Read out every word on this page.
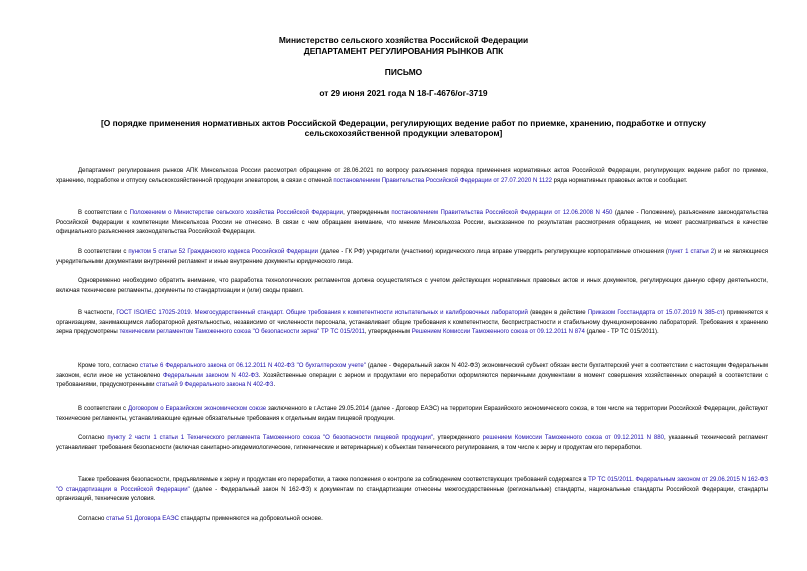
Министерство сельского хозяйства Российской Федерации
ДЕПАРТАМЕНТ РЕГУЛИРОВАНИЯ РЫНКОВ АПК
ПИСЬМО
от 29 июня 2021 года N 18-Г-4676/ог-3719
[О порядке применения нормативных актов Российской Федерации, регулирующих ведение работ по приемке, хранению, подработке и отпуску
сельскохозяйственной продукции элеватором]
Департамент регулирования рынков АПК Минсельхоза России рассмотрел обращение от 28.06.2021 по вопросу разъяснения порядка применения нормативных актов Российской Федерации, регулирующих ведение работ по приемке, хранению, подработке и отпуску сельскохозяйственной продукции элеватором, в связи с отменой постановлением Правительства Российской Федерации от 27.07.2020 N 1122 ряда нормативных правовых актов и сообщает.
В соответствии с Положением о Министерстве сельского хозяйства Российской Федерации, утвержденным постановлением Правительства Российской Федерации от 12.06.2008 N 450 (далее - Положение), разъяснение законодательства Российской Федерации к компетенции Минсельхоза России не отнесено. В связи с чем обращаем внимание, что мнение Минсельхоза России, высказанное по результатам рассмотрения обращения, не может рассматриваться в качестве официального разъяснения законодательства Российской Федерации.
В соответствии с пунктом 5 статьи 52 Гражданского кодекса Российской Федерации (далее - ГК РФ) учредители (участники) юридического лица вправе утвердить регулирующие корпоративные отношения (пункт 1 статьи 2) и не являющиеся учредительными документами внутренний регламент и иные внутренние документы юридического лица.
Одновременно необходимо обратить внимание, что разработка технологических регламентов должна осуществляться с учетом действующих нормативных правовых актов и иных документов, регулирующих данную сферу деятельности, включая технические регламенты, документы по стандартизации и (или) своды правил.
В частности, ГОСТ ISO/IEC 17025-2019. Межгосударственный стандарт. Общие требования к компетентности испытательных и калибровочных лабораторий (введен в действие Приказом Госстандарта от 15.07.2019 N 385-ст) применяется к организациям, занимающимся лабораторной деятельностью, независимо от численности персонала, устанавливает общие требования к компетентности, беспристрастности и стабильному функционированию лабораторий. Требования к хранению зерна предусмотрены техническим регламентом Таможенного союза "О безопасности зерна" ТР ТС 015/2011, утвержденным Решением Комиссии Таможенного союза от 09.12.2011 N 874 (далее - ТР ТС 015/2011).
Кроме того, согласно статье 6 Федерального закона от 06.12.2011 N 402-ФЗ "О бухгалтерском учете" (далее - Федеральный закон N 402-ФЗ) экономический субъект обязан вести бухгалтерский учет в соответствии с настоящим Федеральным законом, если иное не установлено Федеральным законом N 402-ФЗ. Хозяйственные операции с зерном и продуктами его переработки оформляются первичными документами в момент совершения хозяйственных операций в соответствии с требованиями, предусмотренными статьей 9 Федерального закона N 402-ФЗ.
В соответствии с Договором о Евразийском экономическом союзе заключенного в г.Астане 29.05.2014 (далее - Договор ЕАЭС) на территории Евразийского экономического союза, в том числе на территории Российской Федерации, действуют технические регламенты, устанавливающие единые обязательные требования к отдельным видам пищевой продукции.
Согласно пункту 2 части 1 статьи 1 Технического регламента Таможенного союза "О безопасности пищевой продукции", утвержденного решением Комиссии Таможенного союза от 09.12.2011 N 880, указанный технический регламент устанавливает требования безопасности (включая санитарно-эпидемиологические, гигиенические и ветеринарные) к объектам технического регулирования, в том числе к зерну и продуктам его переработки.
Также требования безопасности, предъявляемые к зерну и продуктам его переработки, а также положения о контроле за соблюдением соответствующих требований содержатся в ТР ТС 015/2011. Федеральным законом от 29.06.2015 N 162-ФЗ "О стандартизации в Российской Федерации" (далее - Федеральный закон N 162-ФЗ) к документам по стандартизации отнесены межгосударственные (региональные) стандарты, национальные стандарты Российской Федерации, стандарты организаций, технические условия.
Согласно статье 51 Договора ЕАЭС стандарты применяются на добровольной основе.
